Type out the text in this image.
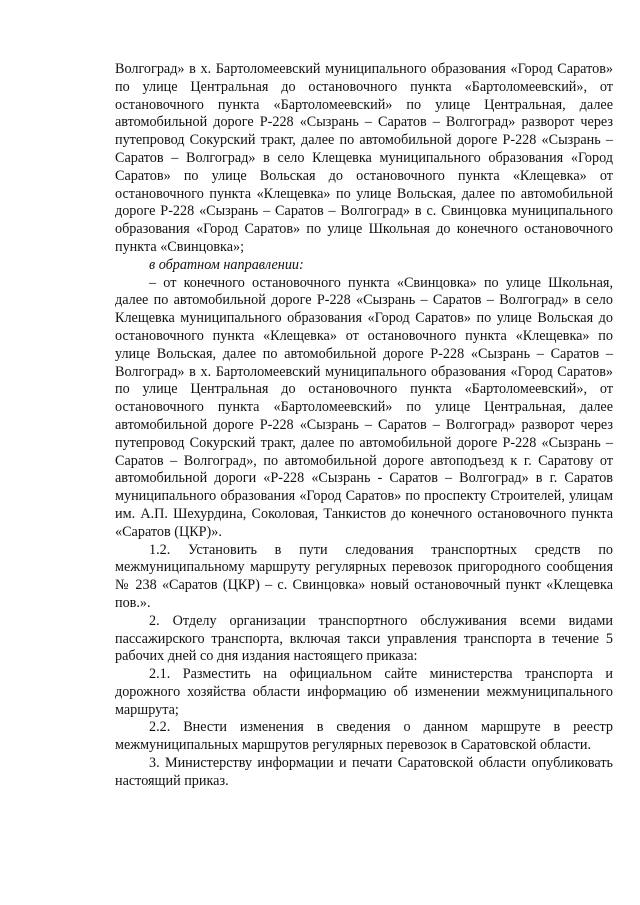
Волгоград» в х. Бартоломеевский муниципального образования «Город Саратов» по улице Центральная до остановочного пункта «Бартоломеевский», от остановочного пункта «Бартоломеевский» по улице Центральная, далее автомобильной дороге Р-228 «Сызрань – Саратов – Волгоград» разворот через путепровод Сокурский тракт, далее по автомобильной дороге Р-228 «Сызрань – Саратов – Волгоград» в село Клещевка муниципального образования «Город Саратов» по улице Вольская до остановочного пункта «Клещевка» от остановочного пункта «Клещевка» по улице Вольская, далее по автомобильной дороге Р-228 «Сызрань – Саратов – Волгоград» в с. Свинцовка муниципального образования «Город Саратов» по улице Школьная до конечного остановочного пункта «Свинцовка»;

в обратном направлении:

– от конечного остановочного пункта «Свинцовка» по улице Школьная, далее по автомобильной дороге Р-228 «Сызрань – Саратов – Волгоград» в село Клещевка муниципального образования «Город Саратов» по улице Вольская до остановочного пункта «Клещевка» от остановочного пункта «Клещевка» по улице Вольская, далее по автомобильной дороге Р-228 «Сызрань – Саратов – Волгоград» в х. Бартоломеевский муниципального образования «Город Саратов» по улице Центральная до остановочного пункта «Бартоломеевский», от остановочного пункта «Бартоломеевский» по улице Центральная, далее автомобильной дороге Р-228 «Сызрань – Саратов – Волгоград» разворот через путепровод Сокурский тракт, далее по автомобильной дороге Р-228 «Сызрань – Саратов – Волгоград», по автомобильной дороге автоподъезд к г. Саратову от автомобильной дороги «Р-228 «Сызрань - Саратов – Волгоград» в г. Саратов муниципального образования «Город Саратов» по проспекту Строителей, улицам им. А.П. Шехурдина, Соколовая, Танкистов до конечного остановочного пункта «Саратов (ЦКР)».

1.2. Установить в пути следования транспортных средств по межмуниципальному маршруту регулярных перевозок пригородного сообщения № 238 «Саратов (ЦКР) – с. Свинцовка» новый остановочный пункт «Клещевка пов.».

2. Отделу организации транспортного обслуживания всеми видами пассажирского транспорта, включая такси управления транспорта в течение 5 рабочих дней со дня издания настоящего приказа:

2.1. Разместить на официальном сайте министерства транспорта и дорожного хозяйства области информацию об изменении межмуниципального маршрута;

2.2. Внести изменения в сведения о данном маршруте в реестр межмуниципальных маршрутов регулярных перевозок в Саратовской области.

3. Министерству информации и печати Саратовской области опубликовать настоящий приказ.
